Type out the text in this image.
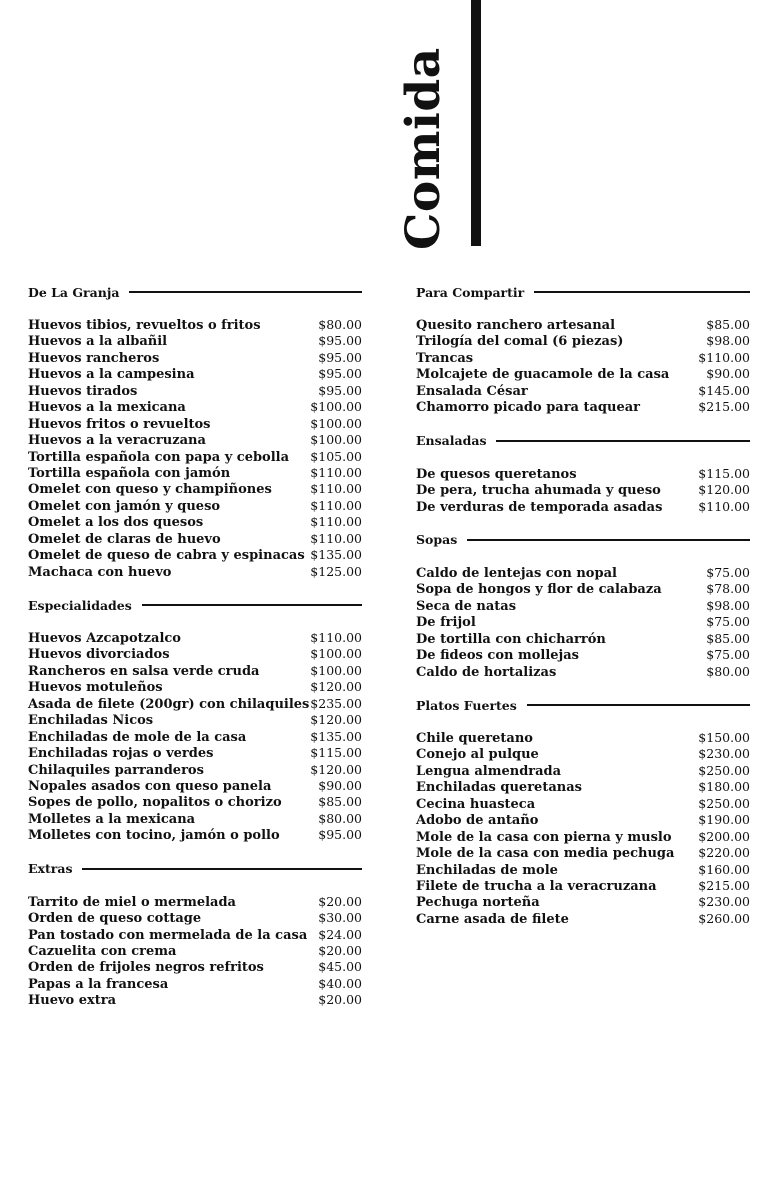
Comida
De La Granja
Huevos tibios, revueltos o fritos	$80.00
Huevos a la albañil	$95.00
Huevos rancheros	$95.00
Huevos a la campesina	$95.00
Huevos tirados	$95.00
Huevos a la mexicana	$100.00
Huevos fritos o revueltos	$100.00
Huevos a la veracruzana	$100.00
Tortilla española con papa y cebolla $105.00
Tortilla española con jamón	$110.00
Omelet con queso y champiñones	$110.00
Omelet con jamón y queso	$110.00
Omelet a los dos quesos	$110.00
Omelet de claras de huevo	$110.00
Omelet de queso de cabra y espinacas $135.00
Machaca con huevo	$125.00
Especialidades
Huevos Azcapotzalco	$110.00
Huevos divorciados	$100.00
Rancheros en salsa verde cruda	$100.00
Huevos motuleños	$120.00
Asada de filete (200gr) con chilaquiles $235.00
Enchiladas Nicos	$120.00
Enchiladas de mole de la casa	$135.00
Enchiladas rojas o verdes	$115.00
Chilaquiles parranderos	$120.00
Nopales asados con queso panela	$90.00
Sopes de pollo, nopalitos o chorizo	$85.00
Molletes a la mexicana	$80.00
Molletes con tocino, jamón o pollo	$95.00
Extras
Tarrito de miel o mermelada	$20.00
Orden de queso cottage	$30.00
Pan tostado con mermelada de la casa $24.00
Cazuelita con crema	$20.00
Orden de frijoles negros refritos	$45.00
Papas a la francesa	$40.00
Huevo extra	$20.00
Para Compartir
Quesito ranchero artesanal	$85.00
Trilogía del comal (6 piezas)	$98.00
Trancas	$110.00
Molcajete de guacamole de la casa	$90.00
Ensalada César	$145.00
Chamorro picado para taquear	$215.00
Ensaladas
De quesos queretanos	$115.00
De pera, trucha ahumada y queso	$120.00
De verduras de temporada asadas	$110.00
Sopas
Caldo de lentejas con nopal	$75.00
Sopa de hongos y flor de calabaza	$78.00
Seca de natas	$98.00
De frijol	$75.00
De tortilla con chicharrón	$85.00
De fideos con mollejas	$75.00
Caldo de hortalizas	$80.00
Platos Fuertes
Chile queretano	$150.00
Conejo al pulque	$230.00
Lengua almendrada	$250.00
Enchiladas queretanas	$180.00
Cecina huasteca	$250.00
Adobo de antaño	$190.00
Mole de la casa con pierna y muslo $200.00
Mole de la casa con media pechuga $220.00
Enchiladas de mole	$160.00
Filete de trucha a la veracruzana	$215.00
Pechuga norteña	$230.00
Carne asada de filete	$260.00
